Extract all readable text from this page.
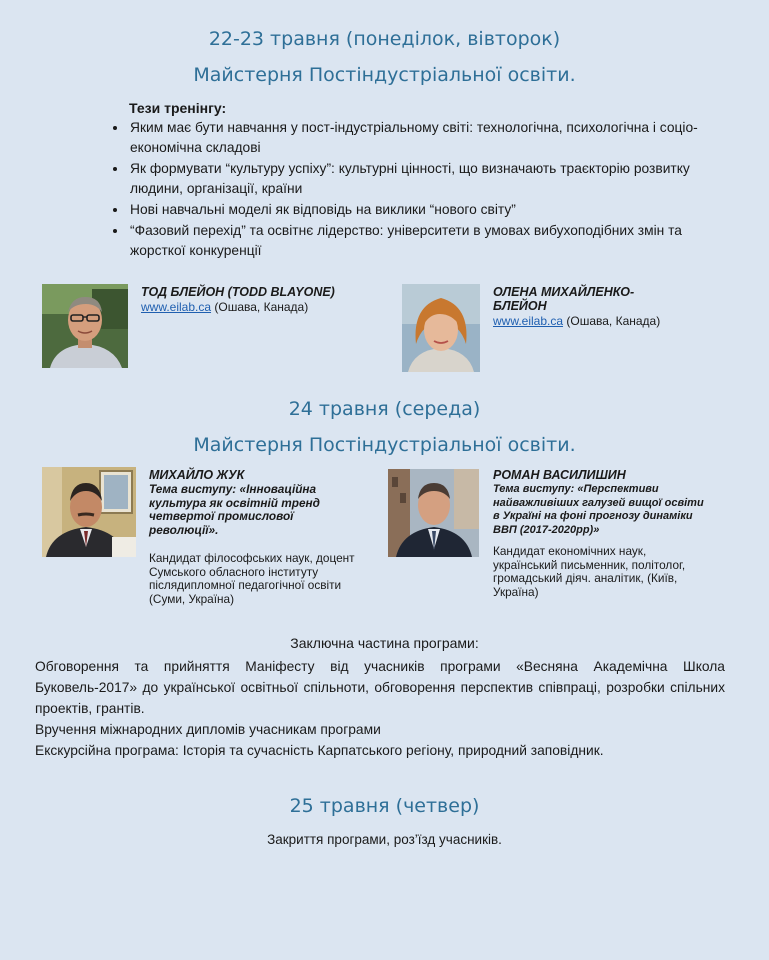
22-23 травня (понеділок, вівторок)
Майстерня Постіндустріальної освіти.
Тези тренінгу:
• Яким має бути навчання у пост-індустріальному світі: технологічна, психологічна і соціо-економічна складові
• Як формувати “культуру успіху”: культурні цінності, що визначають траєкторію розвитку людини, організації, країни
• Нові навчальні моделі як відповідь на виклики “нового світу”
• “Фазовий перехід” та освітнє лідерство: університети в умовах вибухоподібних змін та жорсткої конкуренції
ТОД БЛЕЙОН (TODD BLAYONE)
www.eilab.ca (Ошава, Канада)
ОЛЕНА МИХАЙЛЕНКО-БЛЕЙОН
www.eilab.ca (Ошава, Канада)
24 травня (середа)
Майстерня Постіндустріальної освіти.
МИХАЙЛО ЖУК
Тема виступу: «Інноваційна культура як освітній тренд четвертої промислової революції».
Кандидат філософських наук, доцент Сумського обласного інституту післядипломної педагогічної освіти (Суми, Україна)
РОМАН ВАСИЛИШИН
Тема виступу: «Перспективи найважливіших галузей вищої освіти в Україні на фоні прогнозу динаміки ВВП (2017-2020рр)»
Кандидат економічних наук, український письменник, політолог, громадський діяч. аналітик, (Київ, Україна)
Заключна частина програми:

Обговорення та прийняття Маніфесту від учасників програми «Весняна Академічна Школа Буковель-2017» до української освітньої спільноти, обговорення перспектив співпраці, розробки спільних проектів, грантів.

Вручення міжнародних дипломів учасникам програми

Екскурсійна програма: Історія та сучасність Карпатського регіону, природний заповідник.

25 травня (четвер)
Закриття програми, роз’їзд учасників.
